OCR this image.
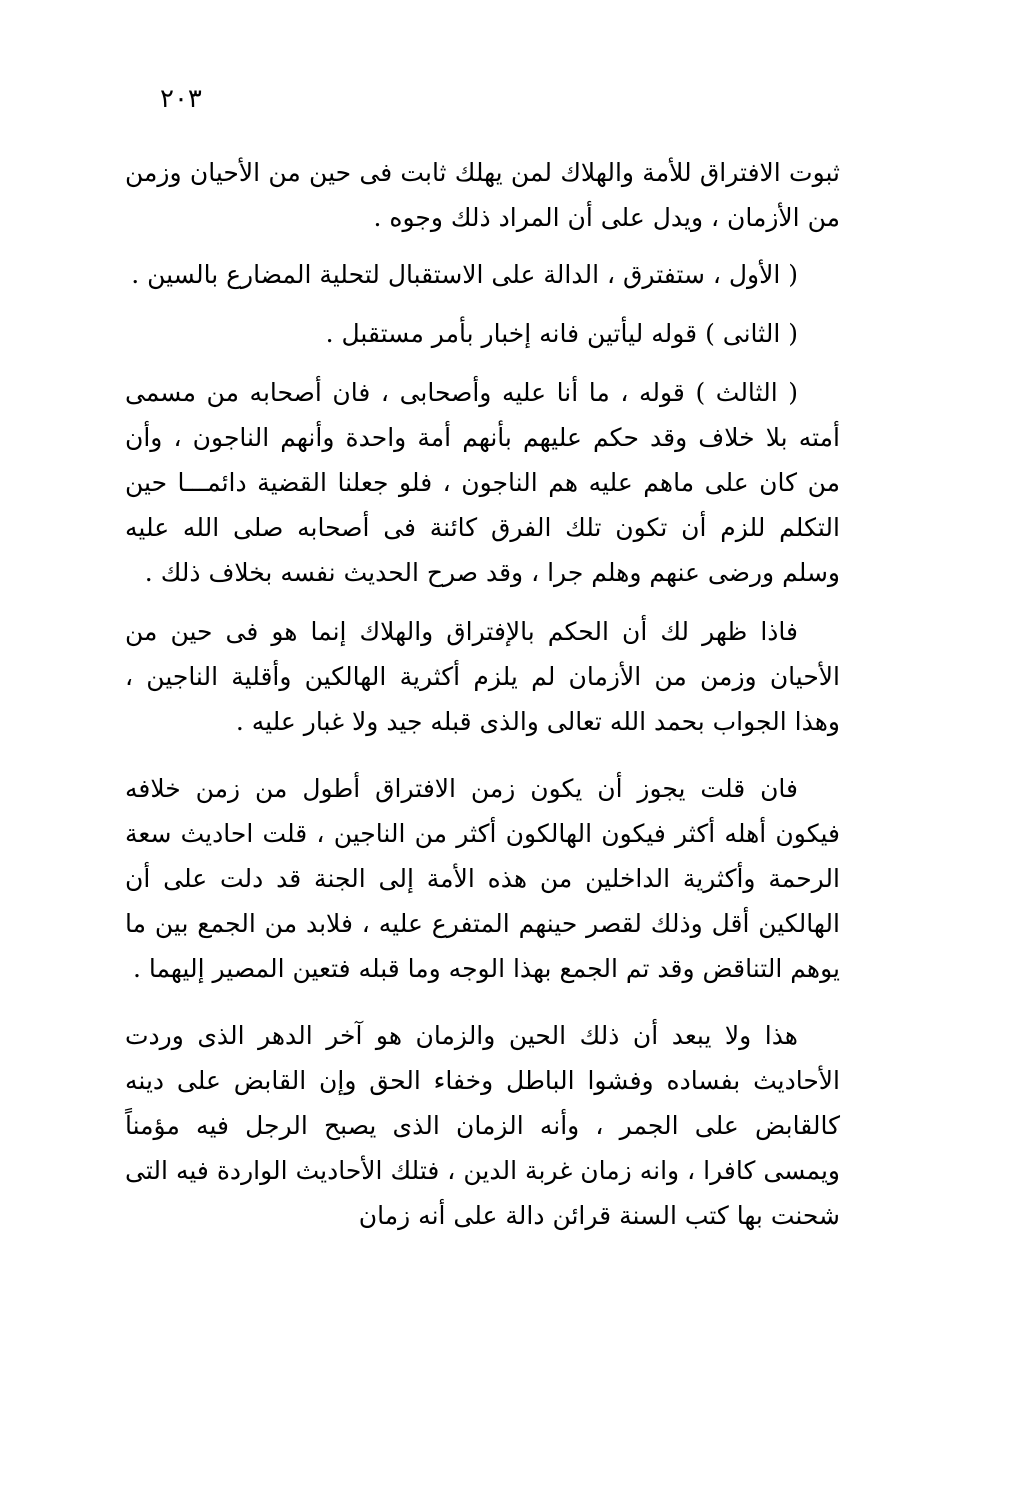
٢٠٣

ثبوت الافتراق للأمة والهلاك لمن يهلك ثابت فى حين من الأحيان وزمن من الأزمان ، ويدل على أن المراد ذلك وجوه .

( الأول ، ستفترق ، الدالة على الاستقبال لتحلية المضارع بالسين .

( الثانى ) قوله ليأتين فانه إخبار بأمر مستقبل .

( الثالث ) قوله ، ما أنا عليه وأصحابى ، فان أصحابه من مسمى أمته بلا خلاف وقد حكم عليهم بأنهم أمة واحدة وأنهم الناجون ، وأن من كان على ماهم عليه هم الناجون ، فلو جعلنا القضية دائمـــا حين التكلم للزم أن تكون تلك الفرق كائنة فى أصحابه صلى الله عليه وسلم ورضى عنهم وهلم جرا ، وقد صرح الحديث نفسه بخلاف ذلك .

فاذا ظهر لك أن الحكم بالإفتراق والهلاك إنما هو فى حين من الأحيان وزمن من الأزمان لم يلزم أكثرية الهالكين وأقلية الناجين ، وهذا الجواب بحمد الله تعالى والذى قبله جيد ولا غبار عليه .

فان قلت يجوز أن يكون زمن الافتراق أطول من زمن خلافه فيكون أهله أكثر فيكون الهالكون أكثر من الناجين ، قلت احاديث سعة الرحمة وأكثرية الداخلين من هذه الأمة إلى الجنة قد دلت على أن الهالكين أقل وذلك لقصر حينهم المتفرع عليه ، فلابد من الجمع بين ما يوهم التناقض وقد تم الجمع بهذا الوجه وما قبله فتعين المصير إليهما .

هذا ولا يبعد أن ذلك الحين والزمان هو آخر الدهر الذى وردت الأحاديث بفساده وفشوا الباطل وخفاء الحق وإن القابض على دينه كالقابض على الجمر ، وأنه الزمان الذى يصبح الرجل فيه مؤمناً ويمسى كافرا ، وانه زمان غربة الدين ، فتلك الأحاديث الواردة فيه التى شحنت بها كتب السنة قرائن دالة على أنه زمان
